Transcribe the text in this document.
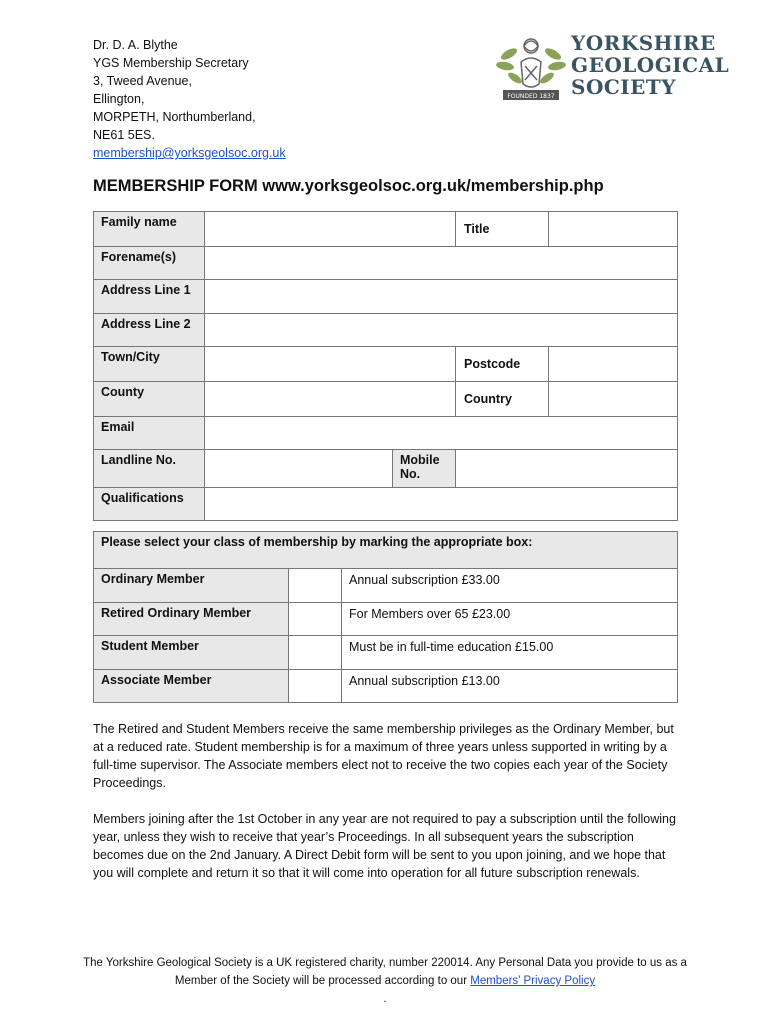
Dr. D. A. Blythe
YGS Membership Secretary
3, Tweed Avenue,
Ellington,
MORPETH, Northumberland,
NE61 5ES.
membership@yorksgeolsoc.org.uk
FOUNDED 1837
YORKSHIRE
GEOLOGICAL
SOCIETY
MEMBERSHIP FORM www.yorksgeolsoc.org.uk/membership.php
Family name			Title	
Forename(s)				
Address Line 1				
Address Line 2				
Town/City			Postcode	
County			Country	
Email				
Landline No.		Mobile
No.		

Qualifications				
Please select your class of membership by marking the appropriate box:		
Ordinary Member		Annual subscription £33.00
Retired Ordinary Member		For Members over 65 £23.00
Student Member		Must be in full-time education £15.00
Associate Member		Annual subscription £13.00
The Retired and Student Members receive the same membership privileges as the Ordinary Member, but at a reduced rate. Student membership is for a maximum of three years unless supported in writing by a full-time supervisor. The Associate members elect not to receive the two copies each year of the Society Proceedings.
Members joining after the 1st October in any year are not required to pay a subscription until the following year, unless they wish to receive that year’s Proceedings. In all subsequent years the subscription becomes due on the 2nd January. A Direct Debit form will be sent to you upon joining, and we hope that you will complete and return it so that it will come into operation for all future subscription renewals.
The Yorkshire Geological Society is a UK registered charity, number 220014. Any Personal Data you provide to us as a Member of the Society will be processed according to our Members’ Privacy Policy
.
